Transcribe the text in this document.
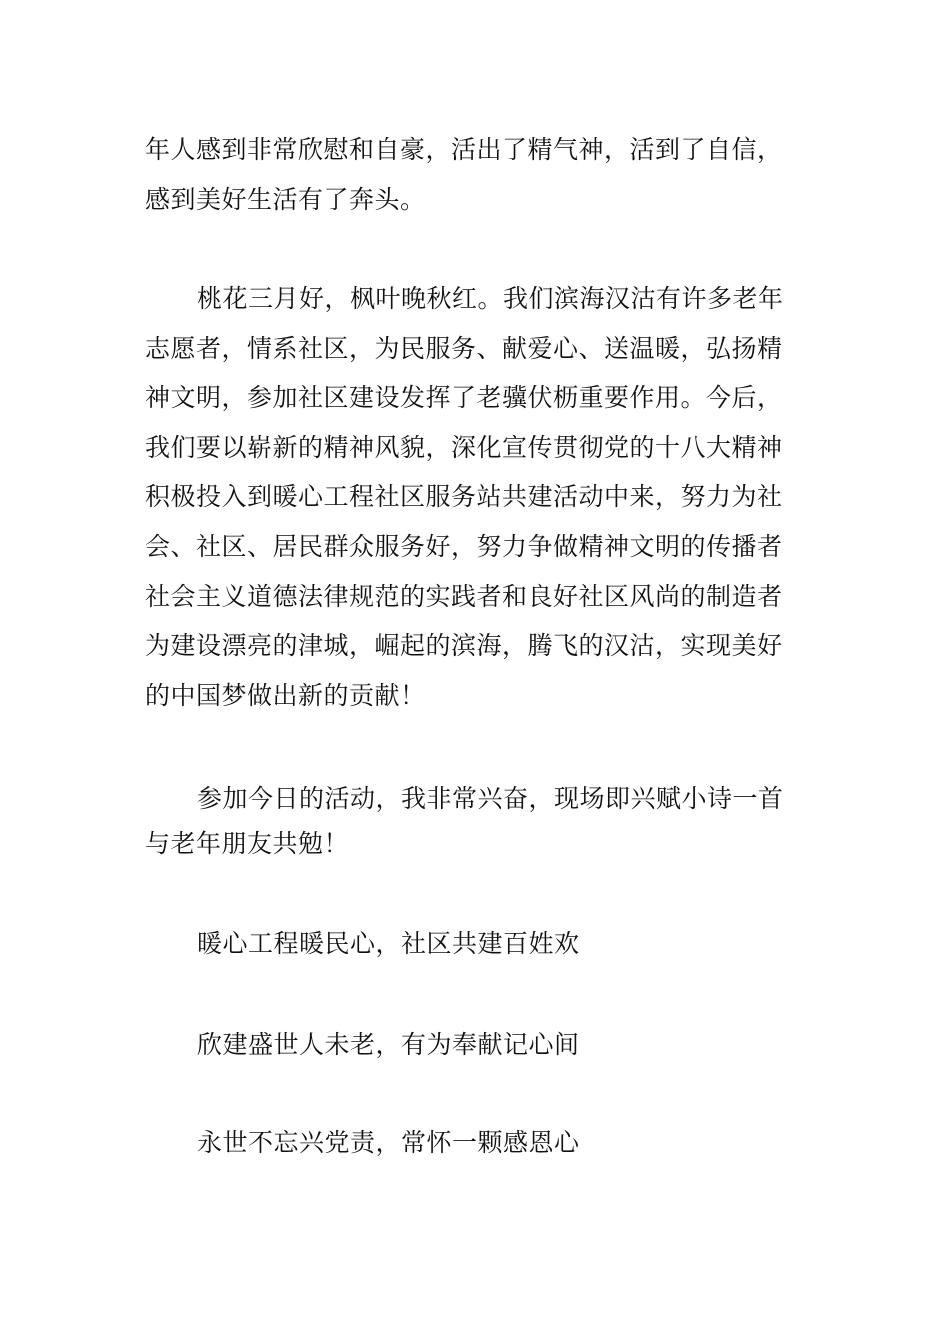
年人感到非常欣慰和自豪，活出了精气神，活到了自信，
感到美好生活有了奔头。
桃花三月好，枫叶晚秋红。我们滨海汉沽有许多老年
志愿者，情系社区，为民服务、献爱心、送温暖，弘扬精
神文明，参加社区建设发挥了老骥伏枥重要作用。今后，
我们要以崭新的精神风貌，深化宣传贯彻党的十八大精神
积极投入到暖心工程社区服务站共建活动中来，努力为社
会、社区、居民群众服务好，努力争做精神文明的传播者
社会主义道德法律规范的实践者和良好社区风尚的制造者
为建设漂亮的津城，崛起的滨海，腾飞的汉沽，实现美好
的中国梦做出新的贡献！
参加今日的活动，我非常兴奋，现场即兴赋小诗一首
与老年朋友共勉！
暖心工程暖民心，社区共建百姓欢
欣建盛世人未老，有为奉献记心间
永世不忘兴党责，常怀一颗感恩心
